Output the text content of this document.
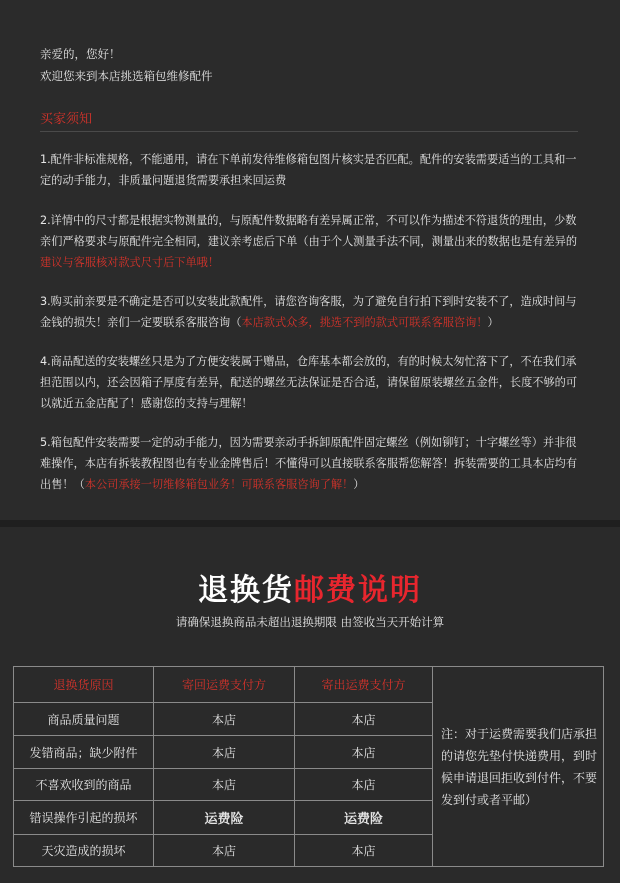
亲爱的，您好！
欢迎您来到本店挑选箱包维修配件
买家须知
1.配件非标准规格，不能通用，请在下单前发待维修箱包图片核实是否匹配。配件的安装需要适当的工具和一定的动手能力，非质量问题退货需要承担来回运费
2.详情中的尺寸都是根据实物测量的，与原配件数据略有差异属正常，不可以作为描述不符退货的理由，少数亲们严格要求与原配件完全相同，建议亲考虑后下单（由于个人测量手法不同，测量出来的数据也是有差异的建议与客服核对款式尺寸后下单哦！
3.购买前亲要是不确定是否可以安装此款配件，请您咨询客服，为了避免自行拍下到时安装不了，造成时间与金钱的损失！亲们一定要联系客服咨询（本店款式众多，挑选不到的款式可联系客服咨询！）
4.商品配送的安装螺丝只是为了方便安装属于赠品，仓库基本都会放的，有的时候太匆忙落下了，不在我们承担范围以内，还会因箱子厚度有差异，配送的螺丝无法保证是否合适，请保留原装螺丝五金件，长度不够的可以就近五金店配了！感谢您的支持与理解！
5.箱包配件安装需要一定的动手能力，因为需要亲动手拆卸原配件固定螺丝（例如铆钉；十字螺丝等）并非很难操作，本店有拆装教程图也有专业金牌售后！不懂得可以直接联系客服帮您解答！拆装需要的工具本店均有出售！（本公司承接一切维修箱包业务！可联系客服咨询了解！）
退换货邮费说明
请确保退换商品未超出退换期限 由签收当天开始计算
退换货原因	寄回运费支付方	寄出运费支付方	注：对于运费需要我们店承担的请您先垫付快递费用，到时候申请退回拒收到付件，不要发到付或者平邮）
商品质量问题	本店	本店	
发错商品；缺少附件	本店	本店	
不喜欢收到的商品	本店	本店	
错误操作引起的损坏	运费险	运费险	
天灾造成的损坏	本店	本店	
